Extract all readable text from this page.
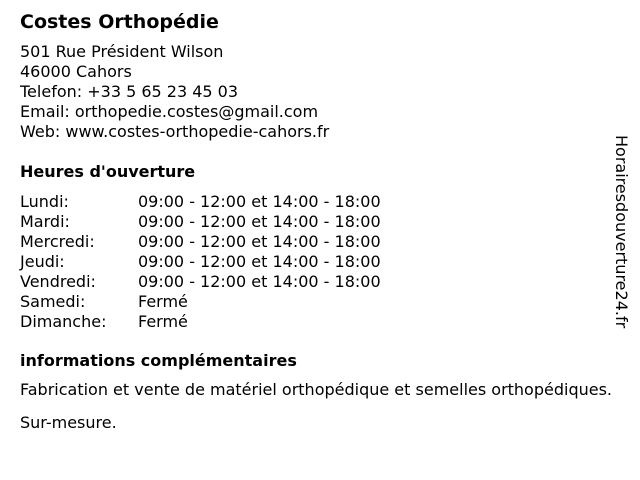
Costes Orthopédie
501 Rue Président Wilson
46000 Cahors
Telefon: +33 5 65 23 45 03
Email: orthopedie.costes@gmail.com
Web: www.costes-orthopedie-cahors.fr
Heures d'ouverture
Lundi:	09:00 - 12:00 et 14:00 - 18:00
Mardi:	09:00 - 12:00 et 14:00 - 18:00
Mercredi:	09:00 - 12:00 et 14:00 - 18:00
Jeudi:	09:00 - 12:00 et 14:00 - 18:00
Vendredi:	09:00 - 12:00 et 14:00 - 18:00
Samedi:	Fermé
Dimanche:	Fermé
informations complémentaires

Fabrication et vente de matériel orthopédique et semelles orthopédiques.

Sur-mesure.

Horairesdouverture24.fr
